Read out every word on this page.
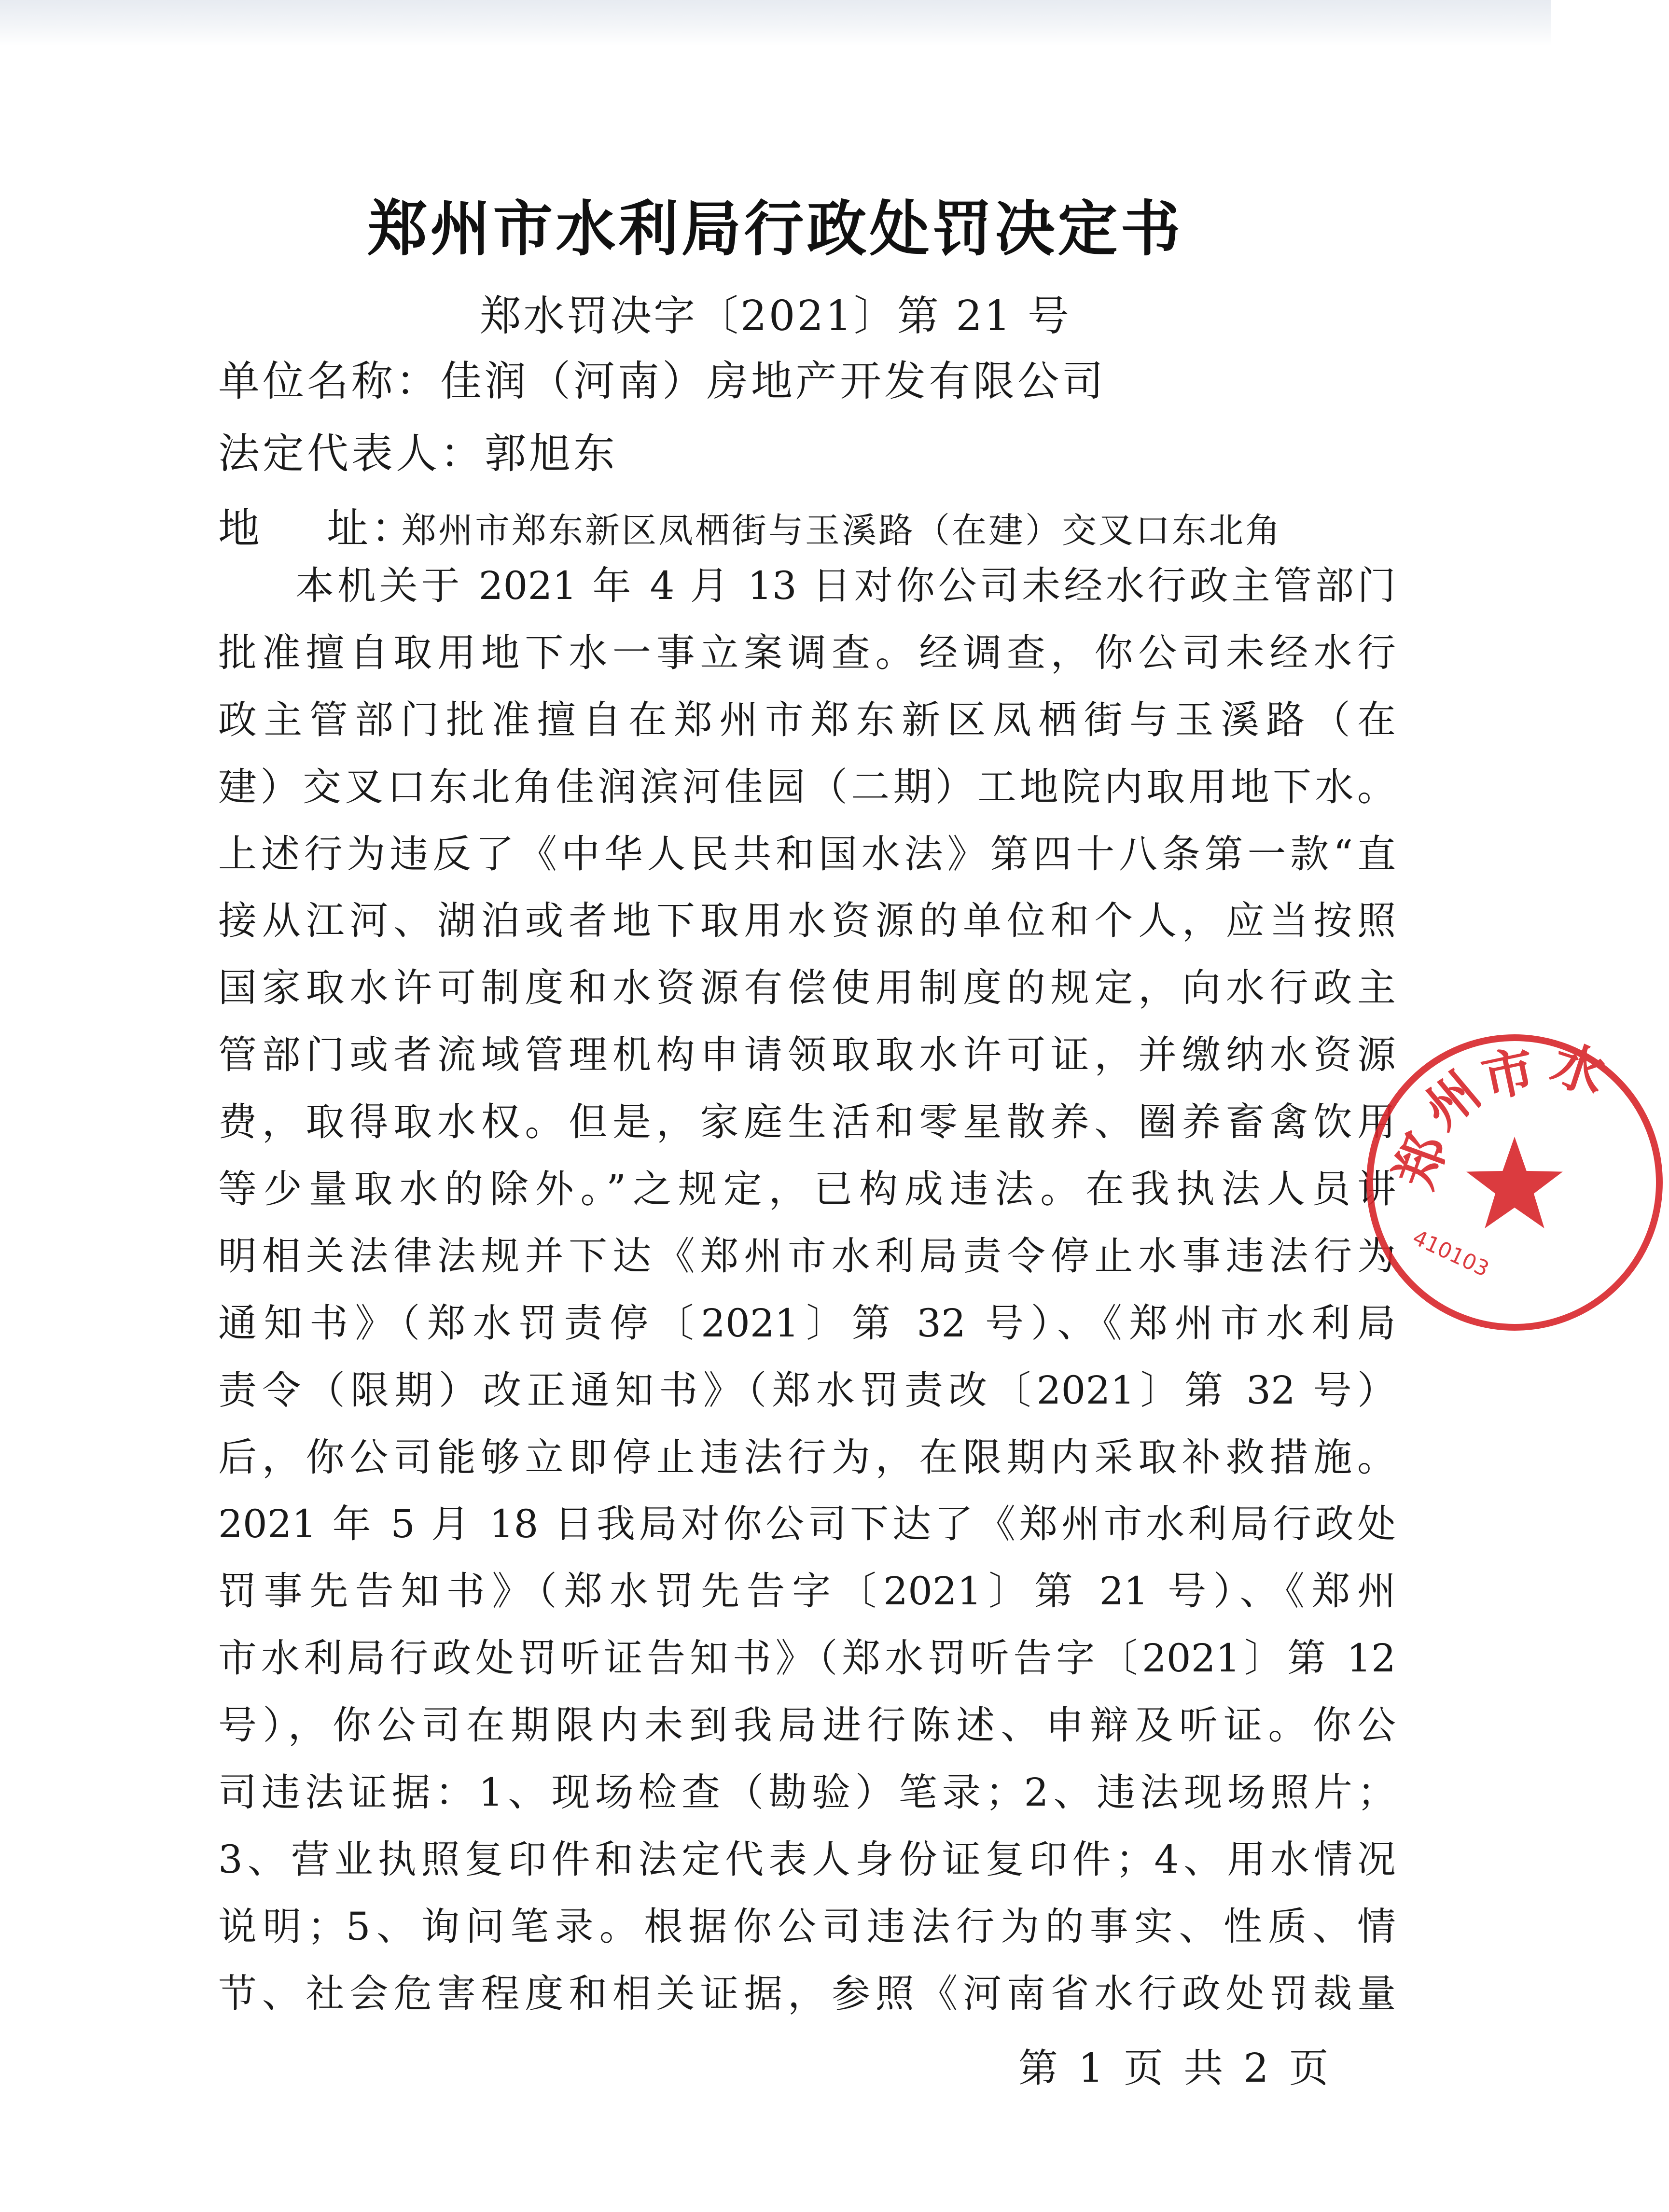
郑州市水利局行政处罚决定书
郑水罚决字〔2021〕第 21 号
单位名称：佳润（河南）房地产开发有限公司
法定代表人：郭旭东
地 址：郑州市郑东新区凤栖街与玉溪路（在建）交叉口东北角
本机关于 2021 年 4 月 13 日对你公司未经水行政主管部门
批准擅自取用地下水一事立案调查。经调查，你公司未经水行
政主管部门批准擅自在郑州市郑东新区凤栖街与玉溪路（在
建）交叉口东北角佳润滨河佳园（二期）工地院内取用地下水。
上述行为违反了《中华人民共和国水法》第四十八条第一款“直
接从江河、湖泊或者地下取用水资源的单位和个人，应当按照
国家取水许可制度和水资源有偿使用制度的规定，向水行政主
管部门或者流域管理机构申请领取取水许可证，并缴纳水资源
费，取得取水权。但是，家庭生活和零星散养、圈养畜禽饮用
等少量取水的除外。”之规定，已构成违法。在我执法人员讲
明相关法律法规并下达《郑州市水利局责令停止水事违法行为
通知书》（郑水罚责停〔2021〕第 32 号）、《郑州市水利局
责令（限期）改正通知书》（郑水罚责改〔2021〕第 32 号）
后，你公司能够立即停止违法行为，在限期内采取补救措施。
2021 年 5 月 18 日我局对你公司下达了《郑州市水利局行政处
罚事先告知书》（郑水罚先告字〔2021〕第 21 号）、《郑州
市水利局行政处罚听证告知书》（郑水罚听告字〔2021〕第 12
号），你公司在期限内未到我局进行陈述、申辩及听证。你公
司违法证据：1、现场检查（勘验）笔录；2、违法现场照片；
3、营业执照复印件和法定代表人身份证复印件；4、用水情况
说明；5、询问笔录。根据你公司违法行为的事实、性质、情
节、社会危害程度和相关证据，参照《河南省水行政处罚裁量
第 1 页 共 2 页
郑
州
市 水
410103
